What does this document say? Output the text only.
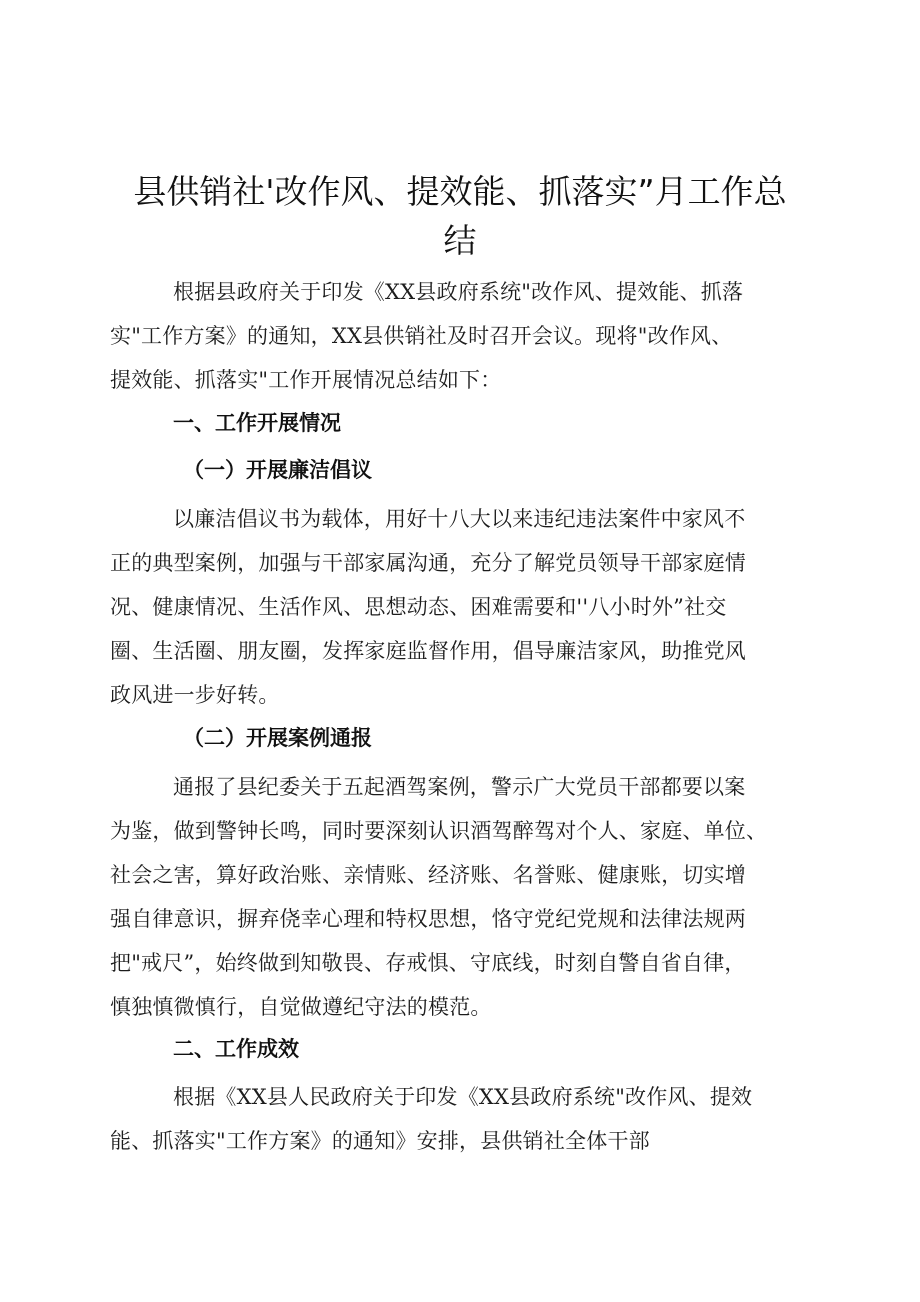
县供销社'改作风、提效能、抓落实”月工作总
结

根据县政府关于印发《XX县政府系统"改作风、提效能、抓落

实"工作方案》的通知，XX县供销社及时召开会议。现将"改作风、

提效能、抓落实"工作开展情况总结如下：

一、工作开展情况
（一）开展廉洁倡议

以廉洁倡议书为载体，用好十八大以来违纪违法案件中家风不

正的典型案例，加强与干部家属沟通，充分了解党员领导干部家庭情

况、健康情况、生活作风、思想动态、困难需要和''八小时外”社交

圈、生活圈、朋友圈，发挥家庭监督作用，倡导廉洁家风，助推党风

政风进一步好转。

（二）开展案例通报

通报了县纪委关于五起酒驾案例，警示广大党员干部都要以案

为鉴，做到警钟长鸣，同时要深刻认识酒驾醉驾对个人、家庭、单位、

社会之害，算好政治账、亲情账、经济账、名誉账、健康账，切实增

强自律意识，摒弃侥幸心理和特权思想，恪守党纪党规和法律法规两

把"戒尺”，始终做到知敬畏、存戒惧、守底线，时刻自警自省自律，

慎独慎微慎行，自觉做遵纪守法的模范。

二、工作成效

根据《XX县人民政府关于印发《XX县政府系统"改作风、提效

能、抓落实"工作方案》的通知》安排，县供销社全体干部
